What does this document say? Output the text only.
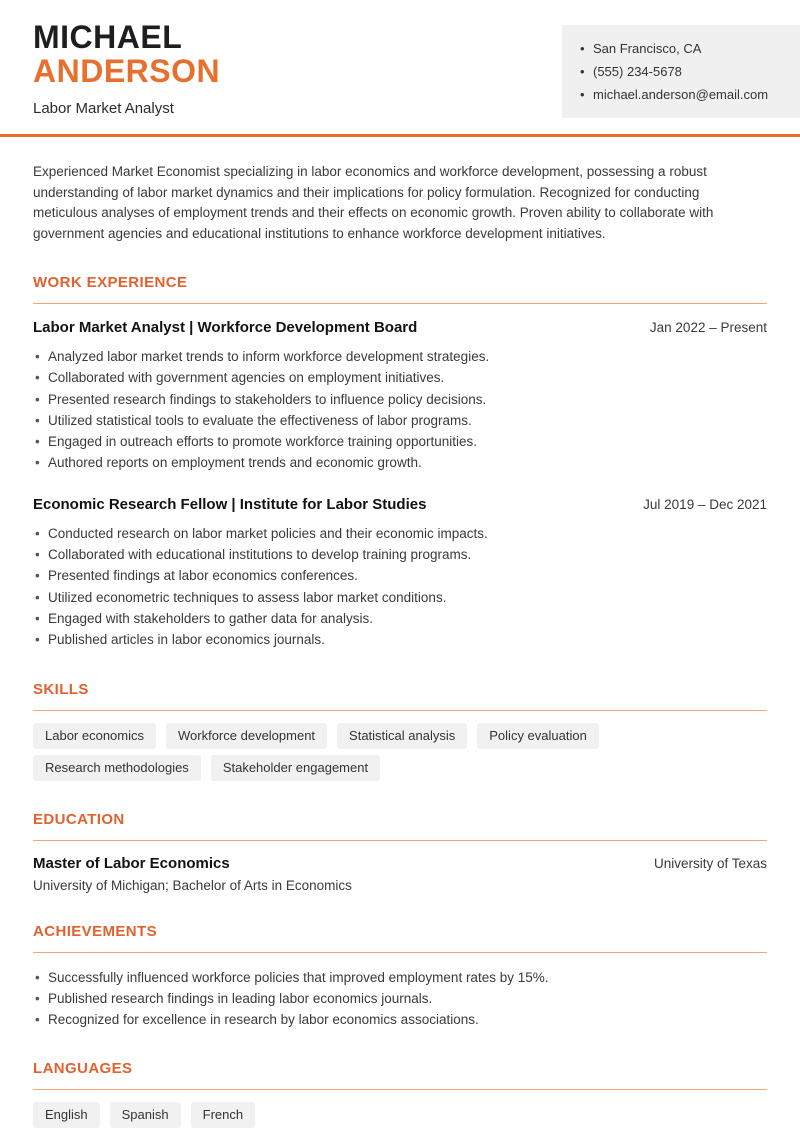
MICHAEL
ANDERSON
Labor Market Analyst
• San Francisco, CA
• (555) 234-5678
• michael.anderson@email.com

Experienced Market Economist specializing in labor economics and workforce development, possessing a robust understanding of labor market dynamics and their implications for policy formulation. Recognized for conducting meticulous analyses of employment trends and their effects on economic growth. Proven ability to collaborate with government agencies and educational institutions to enhance workforce development initiatives.

WORK EXPERIENCE
Labor Market Analyst | Workforce Development Board	Jan 2022 – Present
• Analyzed labor market trends to inform workforce development strategies.
• Collaborated with government agencies on employment initiatives.
• Presented research findings to stakeholders to influence policy decisions.
• Utilized statistical tools to evaluate the effectiveness of labor programs.
• Engaged in outreach efforts to promote workforce training opportunities.
• Authored reports on employment trends and economic growth.
Economic Research Fellow | Institute for Labor Studies	Jul 2019 – Dec 2021
• Conducted research on labor market policies and their economic impacts.
• Collaborated with educational institutions to develop training programs.
• Presented findings at labor economics conferences.
• Utilized econometric techniques to assess labor market conditions.
• Engaged with stakeholders to gather data for analysis.
• Published articles in labor economics journals.
SKILLS
Labor economics	Workforce development	Statistical analysis	Policy evaluation
Research methodologies	Stakeholder engagement
EDUCATION
Master of Labor Economics	University of Texas
University of Michigan; Bachelor of Arts in Economics
ACHIEVEMENTS
• Successfully influenced workforce policies that improved employment rates by 15%.
• Published research findings in leading labor economics journals.
• Recognized for excellence in research by labor economics associations.
LANGUAGES
English	Spanish	French
